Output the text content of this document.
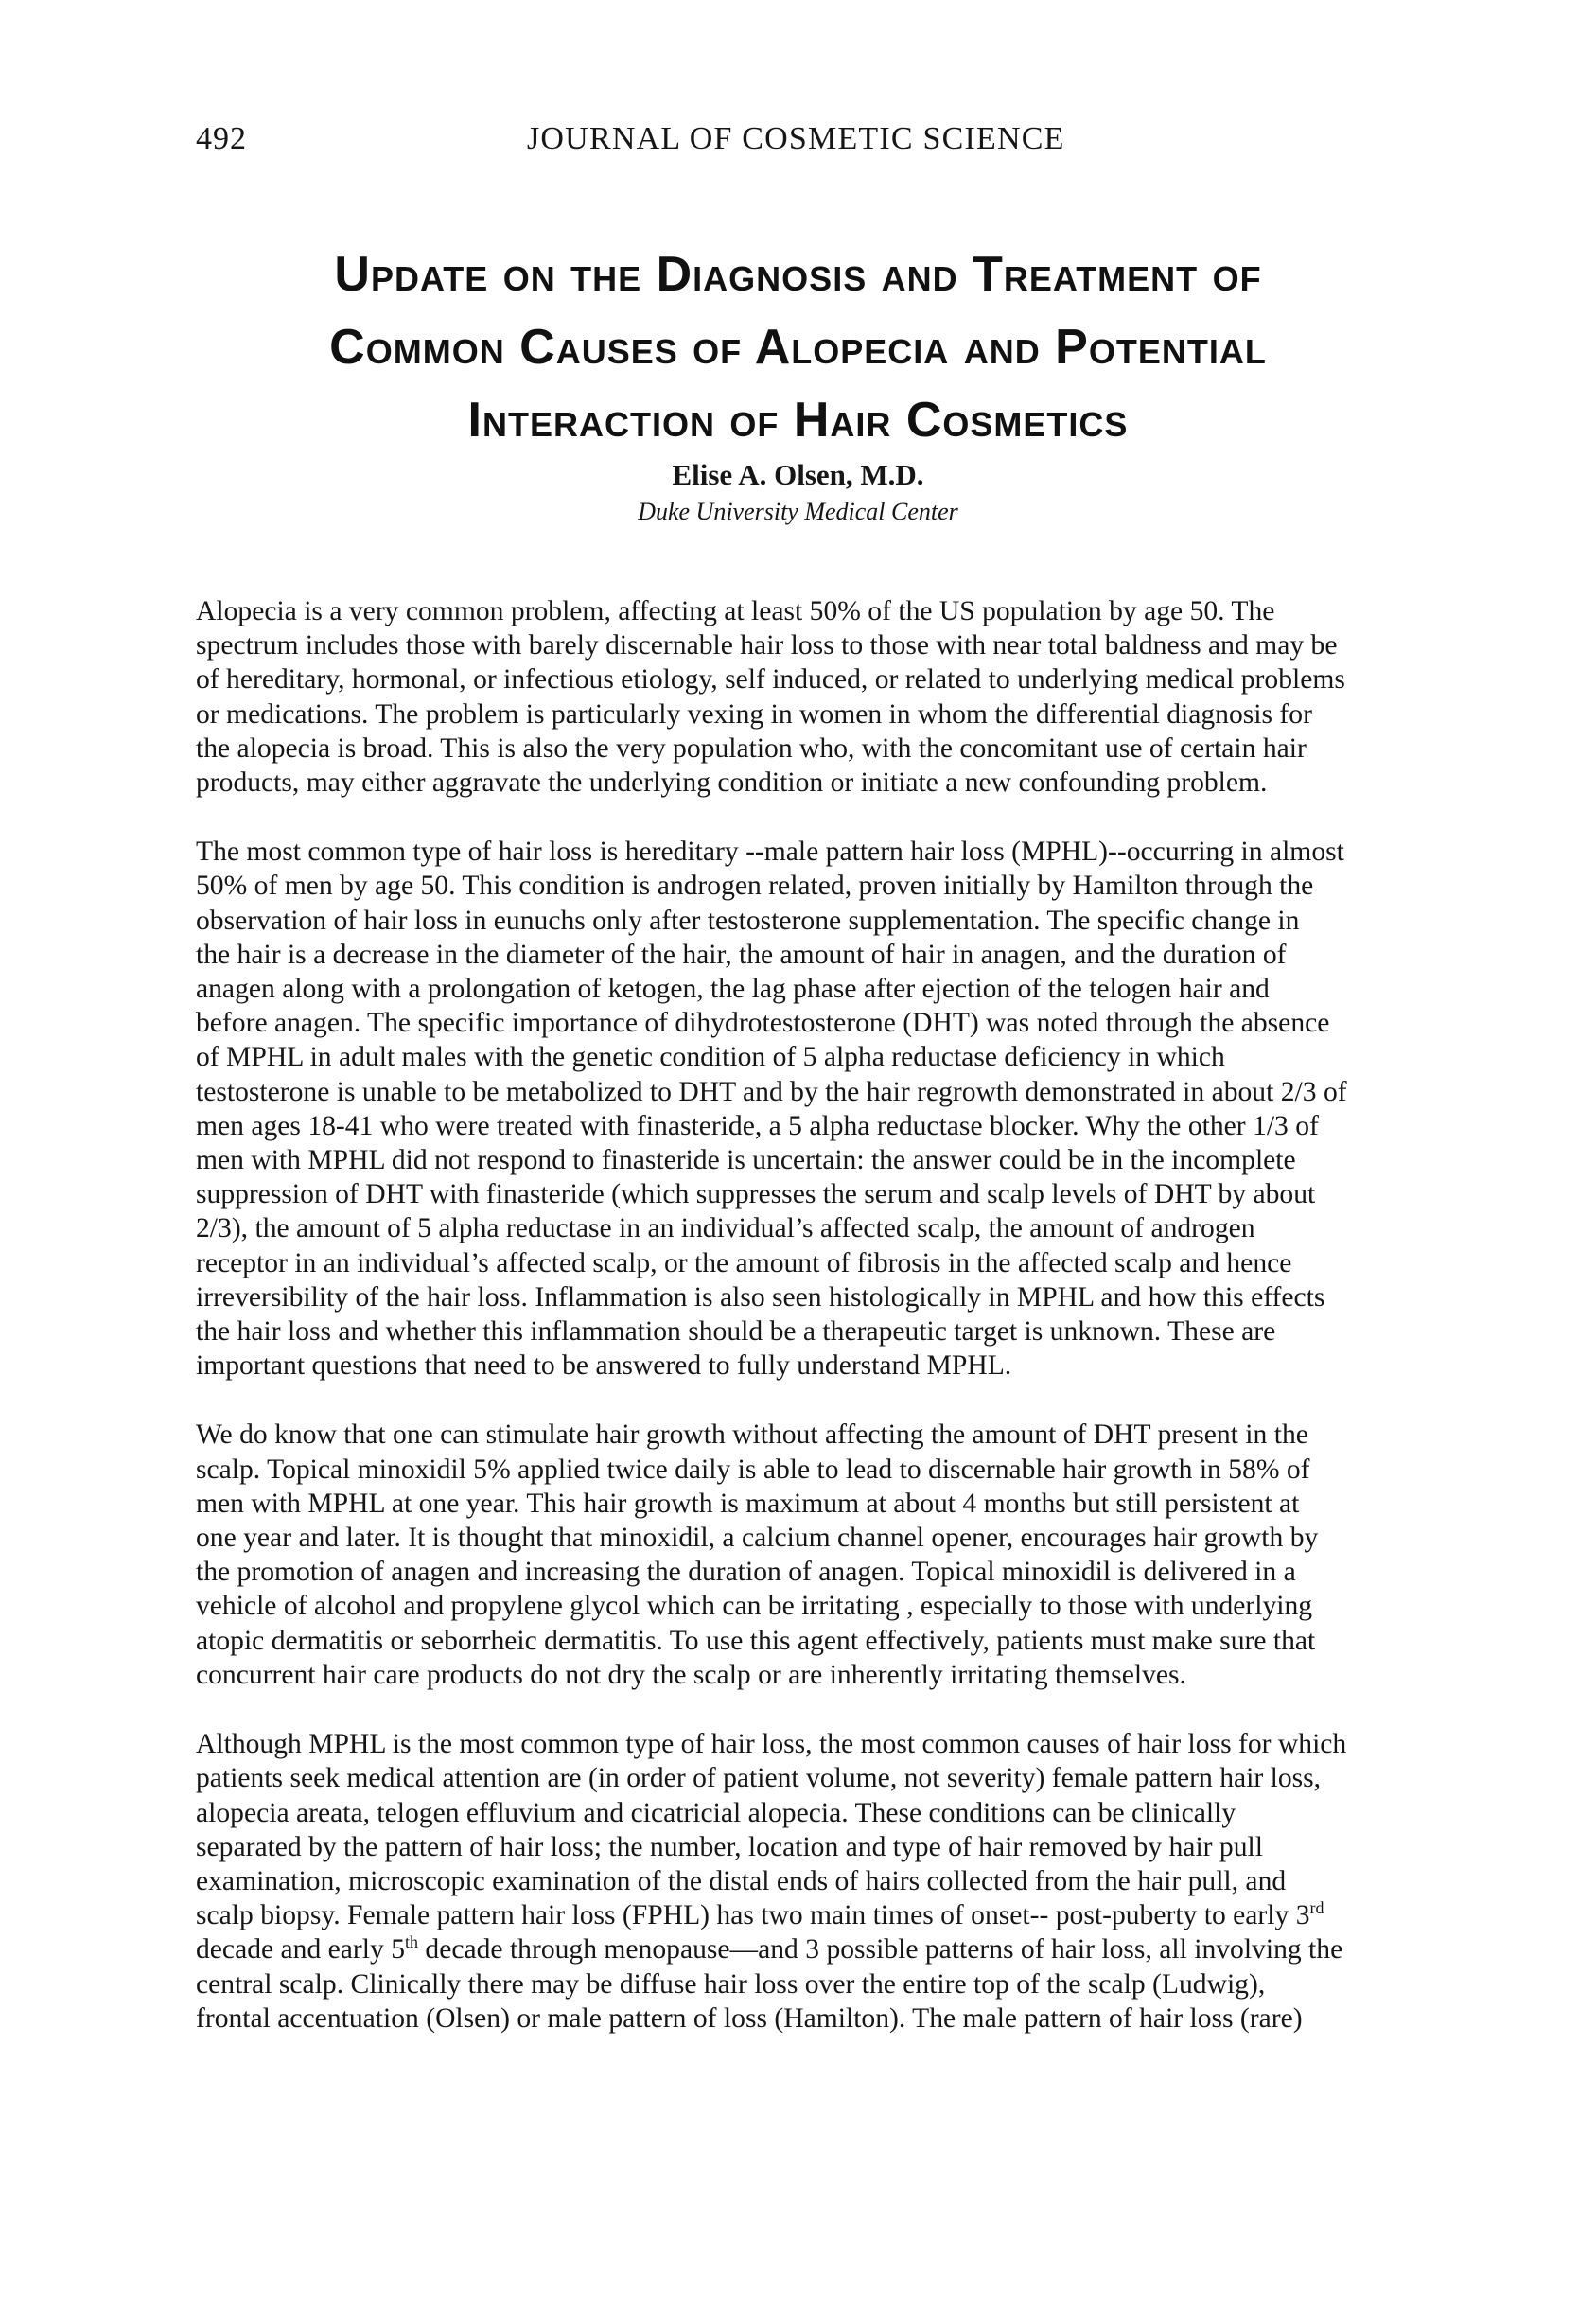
492	JOURNAL OF COSMETIC SCIENCE
Update on the Diagnosis and Treatment of
Common Causes of Alopecia and Potential
Interaction of Hair Cosmetics
Elise A. Olsen, M.D.
Duke University Medical Center

Alopecia is a very common problem, affecting at least 50% of the US population by age 50. The
spectrum includes those with barely discernable hair loss to those with near total baldness and may be
of hereditary, hormonal, or infectious etiology, self induced, or related to underlying medical problems
or medications. The problem is particularly vexing in women in whom the differential diagnosis for
the alopecia is broad. This is also the very population who, with the concomitant use of certain hair
products, may either aggravate the underlying condition or initiate a new confounding problem.

The most common type of hair loss is hereditary --male pattern hair loss (MPHL)--occurring in almost
50% of men by age 50. This condition is androgen related, proven initially by Hamilton through the
observation of hair loss in eunuchs only after testosterone supplementation. The specific change in
the hair is a decrease in the diameter of the hair, the amount of hair in anagen, and the duration of
anagen along with a prolongation of ketogen, the lag phase after ejection of the telogen hair and
before anagen. The specific importance of dihydrotestosterone (DHT) was noted through the absence
of MPHL in adult males with the genetic condition of 5 alpha reductase deficiency in which
testosterone is unable to be metabolized to DHT and by the hair regrowth demonstrated in about 2/3 of
men ages 18-41 who were treated with finasteride, a 5 alpha reductase blocker. Why the other 1/3 of
men with MPHL did not respond to finasteride is uncertain: the answer could be in the incomplete
suppression of DHT with finasteride (which suppresses the serum and scalp levels of DHT by about
2/3), the amount of 5 alpha reductase in an individual’s affected scalp, the amount of androgen
receptor in an individual’s affected scalp, or the amount of fibrosis in the affected scalp and hence
irreversibility of the hair loss. Inflammation is also seen histologically in MPHL and how this effects
the hair loss and whether this inflammation should be a therapeutic target is unknown. These are
important questions that need to be answered to fully understand MPHL.

We do know that one can stimulate hair growth without affecting the amount of DHT present in the
scalp. Topical minoxidil 5% applied twice daily is able to lead to discernable hair growth in 58% of
men with MPHL at one year. This hair growth is maximum at about 4 months but still persistent at
one year and later. It is thought that minoxidil, a calcium channel opener, encourages hair growth by
the promotion of anagen and increasing the duration of anagen. Topical minoxidil is delivered in a
vehicle of alcohol and propylene glycol which can be irritating , especially to those with underlying
atopic dermatitis or seborrheic dermatitis. To use this agent effectively, patients must make sure that
concurrent hair care products do not dry the scalp or are inherently irritating themselves.

Although MPHL is the most common type of hair loss, the most common causes of hair loss for which
patients seek medical attention are (in order of patient volume, not severity) female pattern hair loss,
alopecia areata, telogen effluvium and cicatricial alopecia. These conditions can be clinically
separated by the pattern of hair loss; the number, location and type of hair removed by hair pull
examination, microscopic examination of the distal ends of hairs collected from the hair pull, and
scalp biopsy. Female pattern hair loss (FPHL) has two main times of onset-- post-puberty to early 3rd
decade and early 5th decade through menopause—and 3 possible patterns of hair loss, all involving the
central scalp. Clinically there may be diffuse hair loss over the entire top of the scalp (Ludwig),
frontal accentuation (Olsen) or male pattern of loss (Hamilton). The male pattern of hair loss (rare)
